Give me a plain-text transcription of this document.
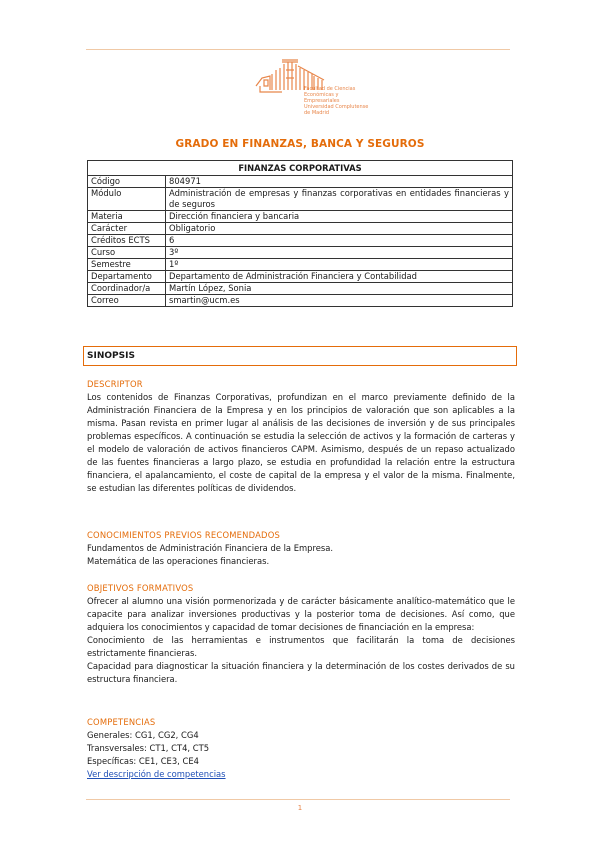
Facultad de Ciencias
Económicas y Empresariales
Universidad Complutense de Madrid
GRADO EN FINANZAS, BANCA Y SEGUROS
FINANZAS CORPORATIVAS	
Código	804971
Módulo	Administración de empresas y finanzas corporativas en entidades financieras y de seguros
Materia	Dirección financiera y bancaria
Carácter	Obligatorio
Créditos ECTS	6
Curso	3º
Semestre	1º
Departamento	Departamento de Administración Financiera y Contabilidad
Coordinador/a	Martín López, Sonia
Correo	smartin@ucm.es
SINOPSIS
DESCRIPTOR

Los contenidos de Finanzas Corporativas, profundizan en el marco previamente definido de la Administración Financiera de la Empresa y en los principios de valoración que son aplicables a la misma. Pasan revista en primer lugar al análisis de las decisiones de inversión y de sus principales problemas específicos. A continuación se estudia la selección de activos y la formación de carteras y el modelo de valoración de activos financieros CAPM. Asimismo, después de un repaso actualizado de las fuentes financieras a largo plazo, se estudia en profundidad la relación entre la estructura financiera, el apalancamiento, el coste de capital de la empresa y el valor de la misma. Finalmente, se estudian las diferentes políticas de dividendos.

CONOCIMIENTOS PREVIOS RECOMENDADOS
Fundamentos de Administración Financiera de la Empresa.
Matemática de las operaciones financieras.
OBJETIVOS FORMATIVOS

Ofrecer al alumno una visión pormenorizada y de carácter básicamente analítico-matemático que le capacite para analizar inversiones productivas y la posterior toma de decisiones. Así como, que adquiera los conocimientos y capacidad de tomar decisiones de financiación en la empresa:

Conocimiento de las herramientas e instrumentos que facilitarán la toma de decisiones estrictamente financieras.

Capacidad para diagnosticar la situación financiera y la determinación de los costes derivados de su estructura financiera.

COMPETENCIAS
Generales: CG1, CG2, CG4
Transversales: CT1, CT4, CT5
Específicas: CE1, CE3, CE4
Ver descripción de competencias
1
